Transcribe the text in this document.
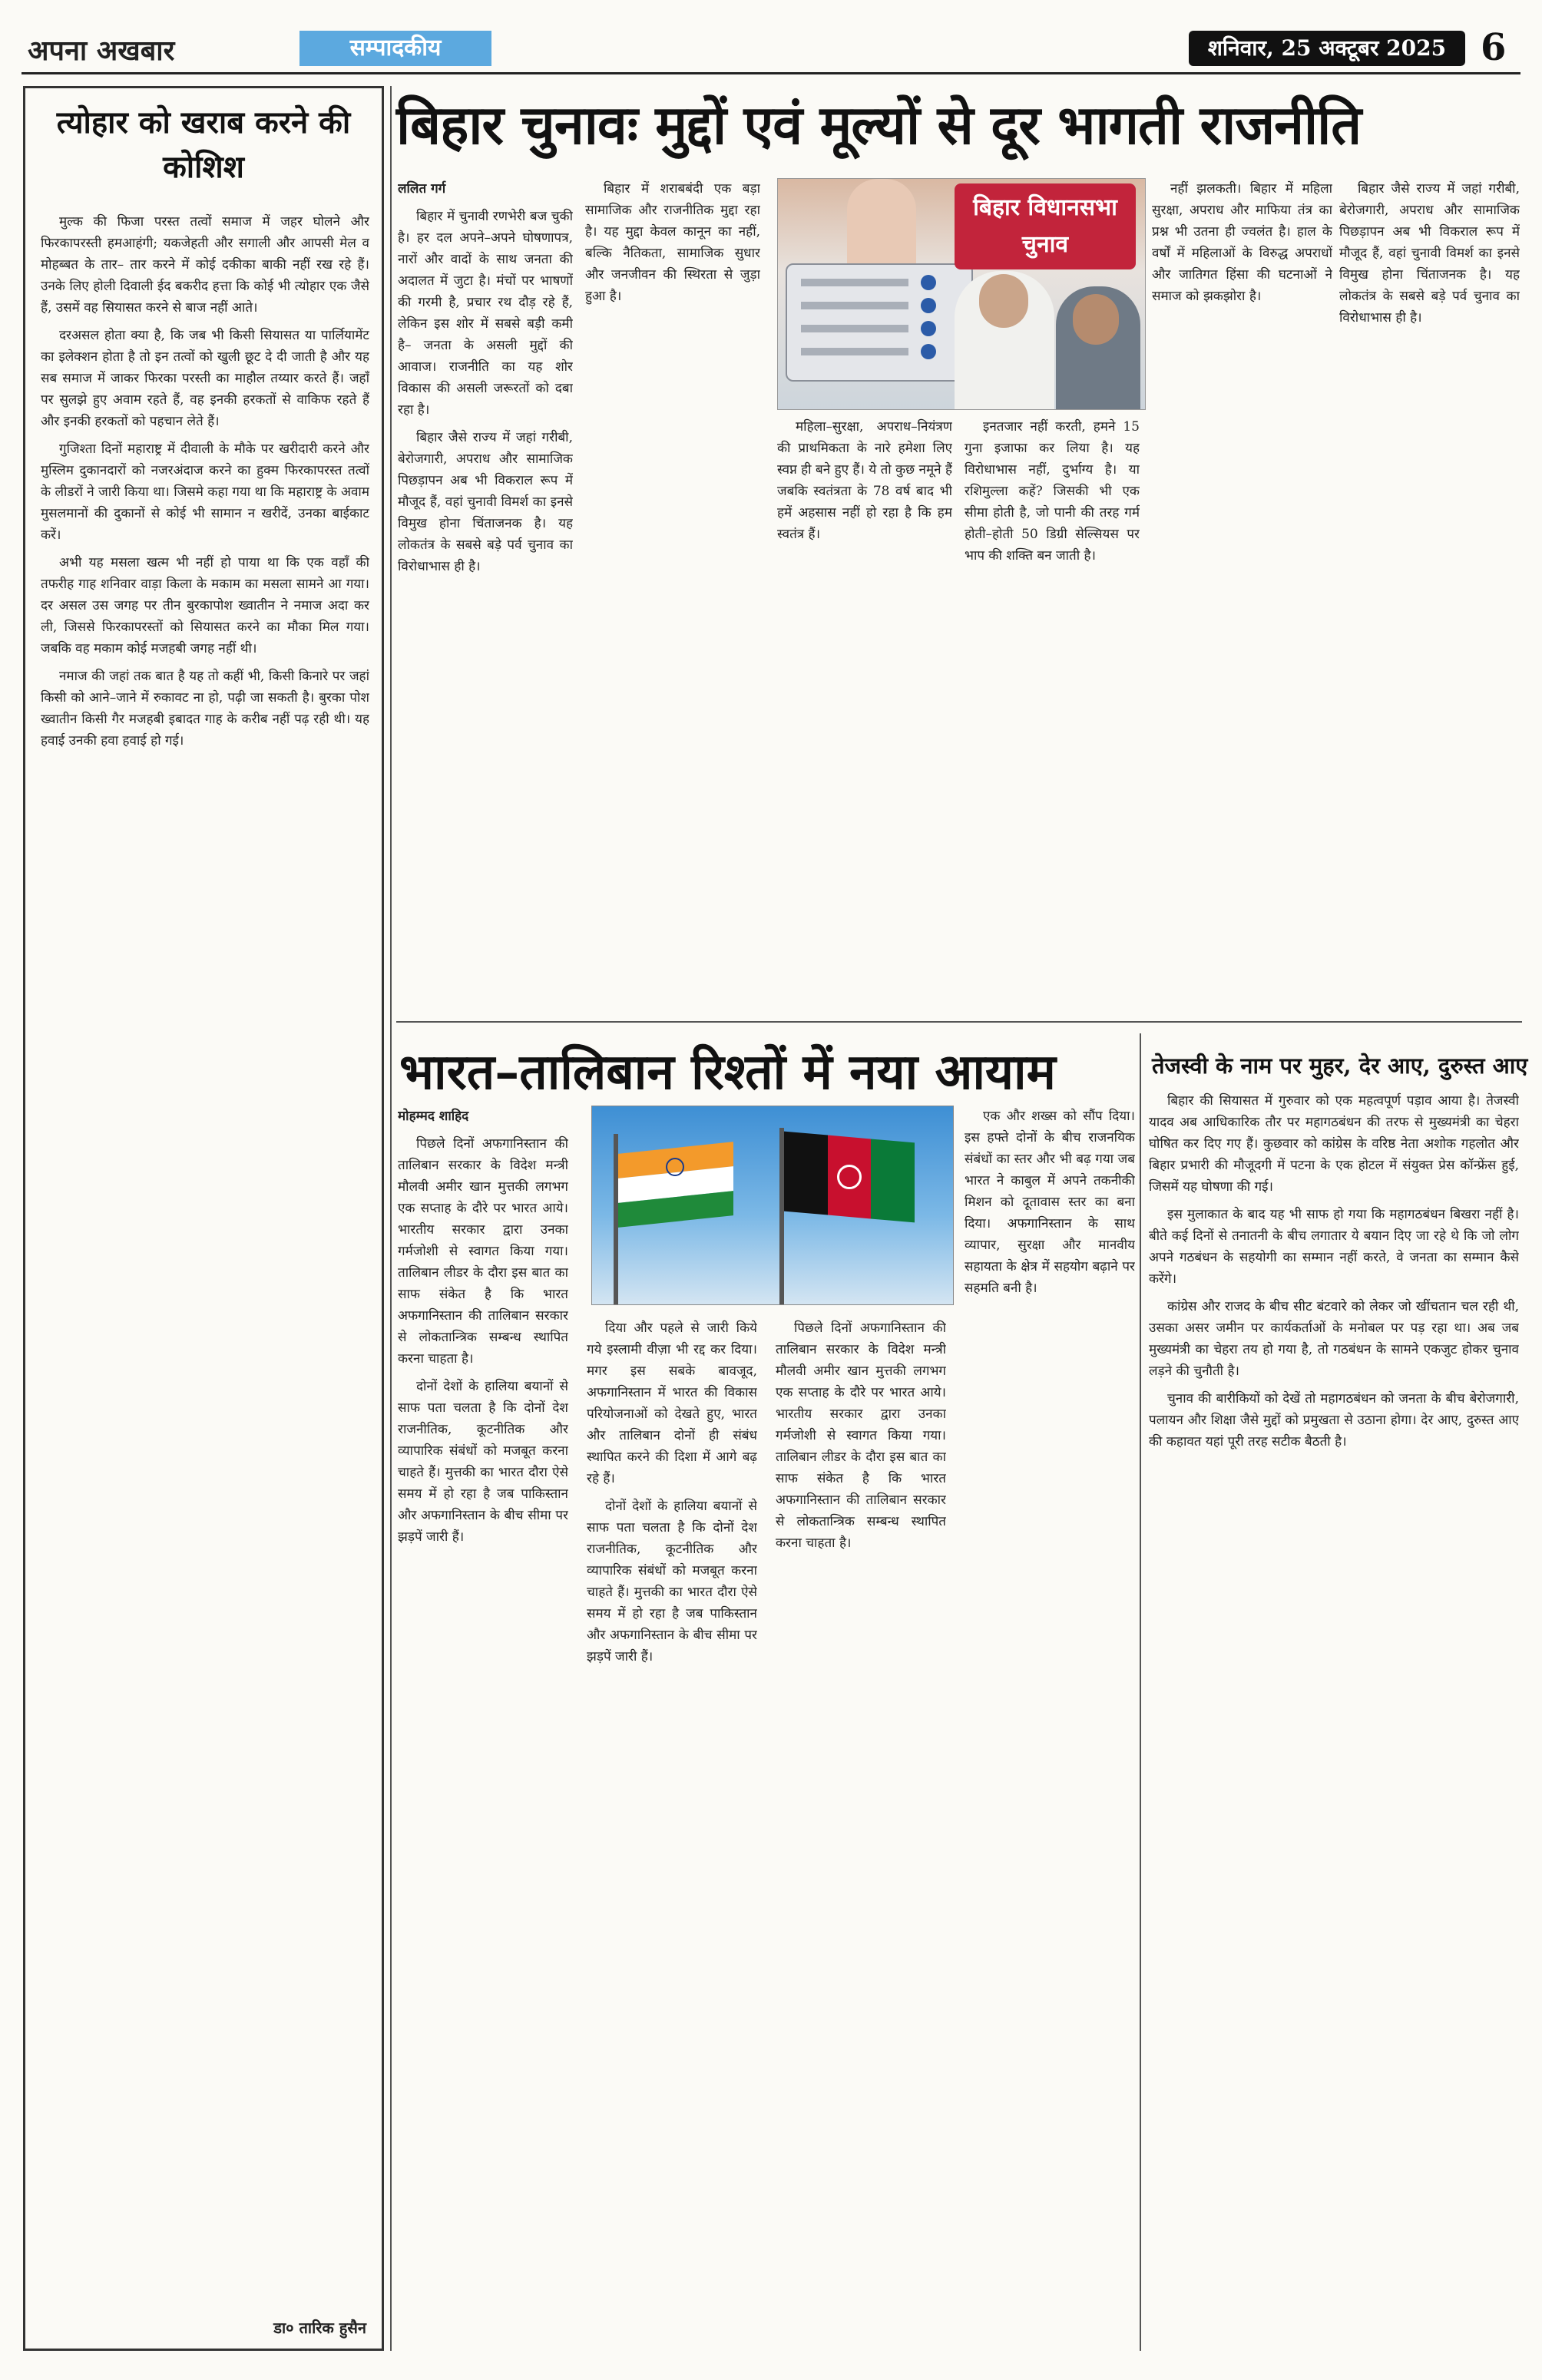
अपना अखबार	सम्पादकीय	शनिवार, 25 अक्टूबर 2025 6
त्योहार को खराब करने की कोशिश

मुल्क की फिजा परस्त तत्वों समाज में जहर घोलने और फिरकापरस्ती हमआहंगी; यकजेहती और सगाली और आपसी मेल व मोहब्बत के तार– तार करने में कोई दकीका बाकी नहीं रख रहे हैं। उनके लिए होली दिवाली ईद बकरीद हत्ता कि कोई भी त्योहार एक जैसे हैं, उसमें वह सियासत करने से बाज नहीं आते।

दरअसल होता क्या है, कि जब भी किसी सियासत या पार्लियामेंट का इलेक्शन होता है तो इन तत्वों को खुली छूट दे दी जाती है और यह सब समाज में जाकर फिरका परस्ती का माहौल तय्यार करते हैं। जहाँ पर सुलझे हुए अवाम रहते हैं, वह इनकी हरकतों से वाकिफ रहते हैं और इनकी हरकतों को पहचान लेते हैं।

गुजिश्ता दिनों महाराष्ट्र में दीवाली के मौके पर खरीदारी करने और मुस्लिम दुकानदारों को नजरअंदाज करने का हुक्म फिरकापरस्त तत्वों के लीडरों ने जारी किया था। जिसमे कहा गया था कि महाराष्ट्र के अवाम मुसलमानों की दुकानों से कोई भी सामान न खरीदें, उनका बाईकाट करें।

अभी यह मसला खत्म भी नहीं हो पाया था कि एक वहाँ की तफरीह गाह शनिवार वाड़ा किला के मकाम का मसला सामने आ गया। दर असल उस जगह पर तीन बुरकापोश ख्वातीन ने नमाज अदा कर ली, जिससे फिरकापरस्तों को सियासत करने का मौका मिल गया। जबकि वह मकाम कोई मजहबी जगह नहीं थी।

नमाज की जहां तक बात है यह तो कहीं भी, किसी किनारे पर जहां किसी को आने–जाने में रुकावट ना हो, पढ़ी जा सकती है। बुरका पोश ख्वातीन किसी गैर मजहबी इबादत गाह के करीब नहीं पढ़ रही थी। यह हवाई उनकी हवा हवाई हो गई।

डा० तारिक हुसैन
बिहार चुनावः मुद्दों एवं मूल्यों से दूर भागती राजनीति

ललित गर्ग

बिहार में चुनावी रणभेरी बज चुकी है। हर दल अपने–अपने घोषणापत्र, नारों और वादों के साथ जनता की अदालत में जुटा है। मंचों पर भाषणों की गरमी है, प्रचार रथ दौड़ रहे हैं, लेकिन इस शोर में सबसे बड़ी कमी है– जनता के असली मुद्दों की आवाज। राजनीति का यह शोर विकास की असली जरूरतों को दबा रहा है।

बिहार जैसे राज्य में जहां गरीबी, बेरोजगारी, अपराध और सामाजिक पिछड़ापन अब भी विकराल रूप में मौजूद हैं, वहां चुनावी विमर्श का इनसे विमुख होना चिंताजनक है। यह लोकतंत्र के सबसे बड़े पर्व चुनाव का विरोधाभास ही है।

बिहार में शराबबंदी एक बड़ा सामाजिक और राजनीतिक मुद्दा रहा है। यह मुद्दा केवल कानून का नहीं, बल्कि नैतिकता, सामाजिक सुधार और जनजीवन की स्थिरता से जुड़ा हुआ है।

महिला–सुरक्षा, अपराध–नियंत्रण की प्राथमिकता के नारे हमेशा लिए स्वप्न ही बने हुए हैं। ये तो कुछ नमूने हैं जबकि स्वतंत्रता के 78 वर्ष बाद भी हमें अहसास नहीं हो रहा है कि हम स्वतंत्र हैं।

इनतजार नहीं करती, हमने 15 गुना इजाफा कर लिया है। यह विरोधाभास नहीं, दुर्भाग्य है। या रशिमुल्ला कहें? जिसकी भी एक सीमा होती है, जो पानी की तरह गर्म होती–होती 50 डिग्री सेल्सियस पर भाप की शक्ति बन जाती है।

नहीं झलकती। बिहार में महिला सुरक्षा, अपराध और माफिया तंत्र का प्रश्न भी उतना ही ज्वलंत है। हाल के वर्षों में महिलाओं के विरुद्ध अपराधों और जातिगत हिंसा की घटनाओं ने समाज को झकझोरा है।

बिहार जैसे राज्य में जहां गरीबी, बेरोजगारी, अपराध और सामाजिक पिछड़ापन अब भी विकराल रूप में मौजूद हैं, वहां चुनावी विमर्श का इनसे विमुख होना चिंताजनक है। यह लोकतंत्र के सबसे बड़े पर्व चुनाव का विरोधाभास ही है।

बिहार विधानसभा चुनाव
भारत–तालिबान रिश्तों में नया आयाम

मोहम्मद शाहिद

पिछले दिनों अफगानिस्तान की तालिबान सरकार के विदेश मन्त्री मौलवी अमीर खान मुत्तकी लगभग एक सप्ताह के दौरे पर भारत आये। भारतीय सरकार द्वारा उनका गर्मजोशी से स्वागत किया गया। तालिबान लीडर के दौरा इस बात का साफ संकेत है कि भारत अफगानिस्तान की तालिबान सरकार से लोकतान्त्रिक सम्बन्ध स्थापित करना चाहता है।

दोनों देशों के हालिया बयानों से साफ पता चलता है कि दोनों देश राजनीतिक, कूटनीतिक और व्यापारिक संबंधों को मजबूत करना चाहते हैं। मुत्तकी का भारत दौरा ऐसे समय में हो रहा है जब पाकिस्तान और अफगानिस्तान के बीच सीमा पर झड़पें जारी हैं।

दिया और पहले से जारी किये गये इस्लामी वीज़ा भी रद्द कर दिया। मगर इस सबके बावजूद, अफगानिस्तान में भारत की विकास परियोजनाओं को देखते हुए, भारत और तालिबान दोनों ही संबंध स्थापित करने की दिशा में आगे बढ़ रहे हैं।

दोनों देशों के हालिया बयानों से साफ पता चलता है कि दोनों देश राजनीतिक, कूटनीतिक और व्यापारिक संबंधों को मजबूत करना चाहते हैं। मुत्तकी का भारत दौरा ऐसे समय में हो रहा है जब पाकिस्तान और अफगानिस्तान के बीच सीमा पर झड़पें जारी हैं।

पिछले दिनों अफगानिस्तान की तालिबान सरकार के विदेश मन्त्री मौलवी अमीर खान मुत्तकी लगभग एक सप्ताह के दौरे पर भारत आये। भारतीय सरकार द्वारा उनका गर्मजोशी से स्वागत किया गया। तालिबान लीडर के दौरा इस बात का साफ संकेत है कि भारत अफगानिस्तान की तालिबान सरकार से लोकतान्त्रिक सम्बन्ध स्थापित करना चाहता है।

एक और शख्स को सौंप दिया। इस हफ्ते दोनों के बीच राजनयिक संबंधों का स्तर और भी बढ़ गया जब भारत ने काबुल में अपने तकनीकी मिशन को दूतावास स्तर का बना दिया। अफगानिस्तान के साथ व्यापार, सुरक्षा और मानवीय सहायता के क्षेत्र में सहयोग बढ़ाने पर सहमति बनी है।

तेजस्वी के नाम पर मुहर, देर आए, दुरुस्त आए

बिहार की सियासत में गुरुवार को एक महत्वपूर्ण पड़ाव आया है। तेजस्वी यादव अब आधिकारिक तौर पर महागठबंधन की तरफ से मुख्यमंत्री का चेहरा घोषित कर दिए गए हैं। कुछवार को कांग्रेस के वरिष्ठ नेता अशोक गहलोत और बिहार प्रभारी की मौजूदगी में पटना के एक होटल में संयुक्त प्रेस कॉन्फ्रेंस हुई, जिसमें यह घोषणा की गई।

इस मुलाकात के बाद यह भी साफ हो गया कि महागठबंधन बिखरा नहीं है। बीते कई दिनों से तनातनी के बीच लगातार ये बयान दिए जा रहे थे कि जो लोग अपने गठबंधन के सहयोगी का सम्मान नहीं करते, वे जनता का सम्मान कैसे करेंगे।

कांग्रेस और राजद के बीच सीट बंटवारे को लेकर जो खींचतान चल रही थी, उसका असर जमीन पर कार्यकर्ताओं के मनोबल पर पड़ रहा था। अब जब मुख्यमंत्री का चेहरा तय हो गया है, तो गठबंधन के सामने एकजुट होकर चुनाव लड़ने की चुनौती है।

चुनाव की बारीकियों को देखें तो महागठबंधन को जनता के बीच बेरोजगारी, पलायन और शिक्षा जैसे मुद्दों को प्रमुखता से उठाना होगा। देर आए, दुरुस्त आए की कहावत यहां पूरी तरह सटीक बैठती है।
